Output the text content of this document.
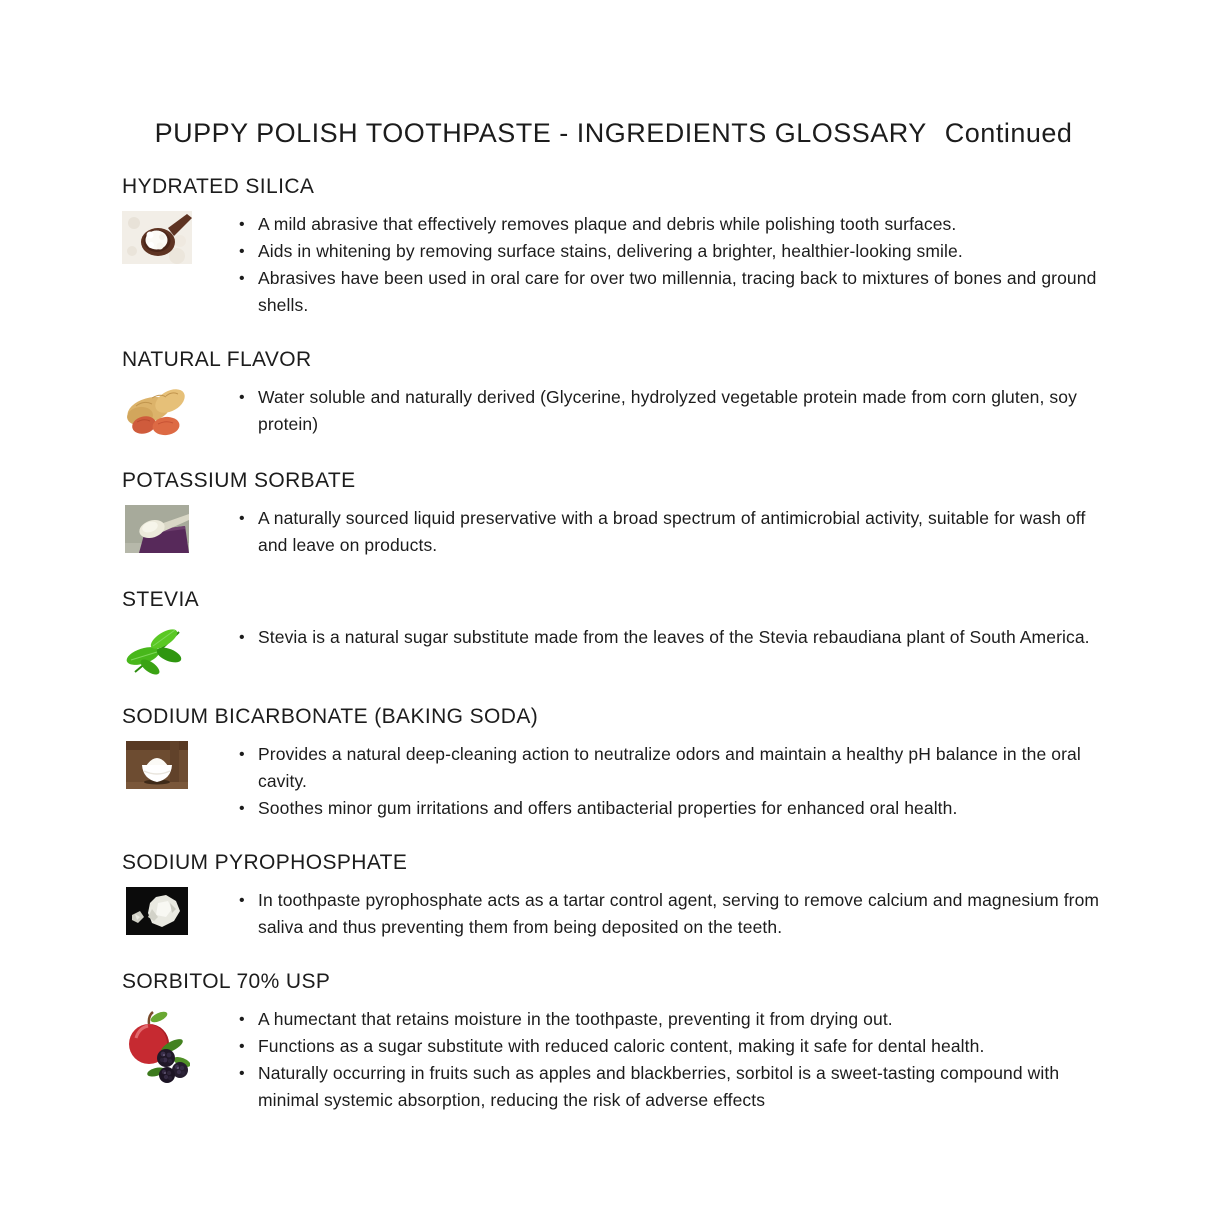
PUPPY POLISH TOOTHPASTE - INGREDIENTS GLOSSARY Continued
HYDRATED SILICA
• A mild abrasive that effectively removes plaque and debris while polishing tooth surfaces.
• Aids in whitening by removing surface stains, delivering a brighter, healthier-looking smile.
• Abrasives have been used in oral care for over two millennia, tracing back to mixtures of bones and ground shells.
NATURAL FLAVOR
• Water soluble and naturally derived (Glycerine, hydrolyzed vegetable protein made from corn gluten, soy protein)
POTASSIUM SORBATE
• A naturally sourced liquid preservative with a broad spectrum of antimicrobial activity, suitable for wash off and leave on products.
STEVIA
• Stevia is a natural sugar substitute made from the leaves of the Stevia rebaudiana plant of South America.
SODIUM BICARBONATE (BAKING SODA)
• Provides a natural deep-cleaning action to neutralize odors and maintain a healthy pH balance in the oral cavity.
• Soothes minor gum irritations and offers antibacterial properties for enhanced oral health.
SODIUM PYROPHOSPHATE
• In toothpaste pyrophosphate acts as a tartar control agent, serving to remove calcium and magnesium from saliva and thus preventing them from being deposited on the teeth.
SORBITOL 70% USP
• A humectant that retains moisture in the toothpaste, preventing it from drying out.
• Functions as a sugar substitute with reduced caloric content, making it safe for dental health.
• Naturally occurring in fruits such as apples and blackberries, sorbitol is a sweet-tasting compound with minimal systemic absorption, reducing the risk of adverse effects
